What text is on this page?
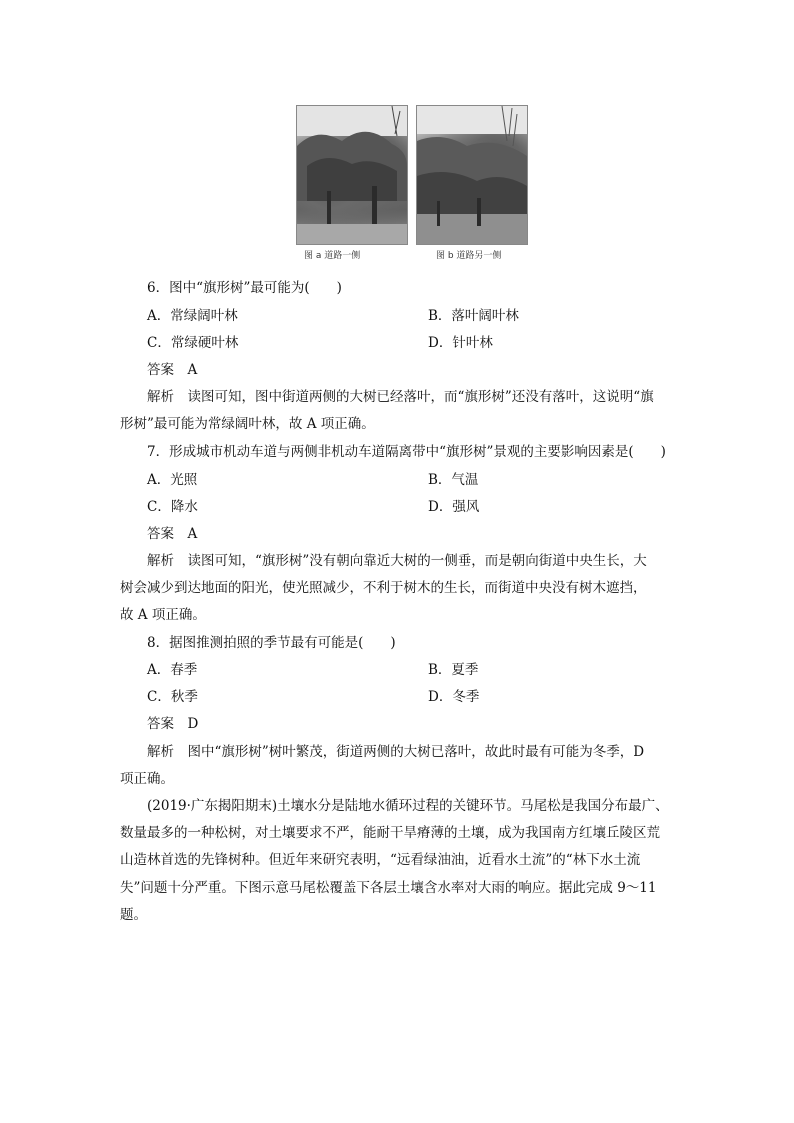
图 a 道路一侧	图 b 道路另一侧
6．图中“旗形树”最可能为(　　)
A．常绿阔叶林	B．落叶阔叶林
C．常绿硬叶林	D．针叶林
答案　A
解析　读图可知，图中街道两侧的大树已经落叶，而“旗形树”还没有落叶，这说明“旗
形树”最可能为常绿阔叶林，故 A 项正确。
7．形成城市机动车道与两侧非机动车道隔离带中“旗形树”景观的主要影响因素是(　　)
A．光照	B．气温
C．降水	D．强风
答案　A
解析　读图可知，“旗形树”没有朝向靠近大树的一侧垂，而是朝向街道中央生长，大
树会减少到达地面的阳光，使光照减少，不利于树木的生长，而街道中央没有树木遮挡，
故 A 项正确。
8．据图推测拍照的季节最有可能是(　　)
A．春季	B．夏季
C．秋季	D．冬季
答案　D
解析　图中“旗形树”树叶繁茂，街道两侧的大树已落叶，故此时最有可能为冬季，D
项正确。
(2019·广东揭阳期末)土壤水分是陆地水循环过程的关键环节。马尾松是我国分布最广、
数量最多的一种松树，对土壤要求不严，能耐干旱瘠薄的土壤，成为我国南方红壤丘陵区荒
山造林首选的先锋树种。但近年来研究表明，“远看绿油油，近看水土流”的“林下水土流
失”问题十分严重。下图示意马尾松覆盖下各层土壤含水率对大雨的响应。据此完成 9～11
题。
